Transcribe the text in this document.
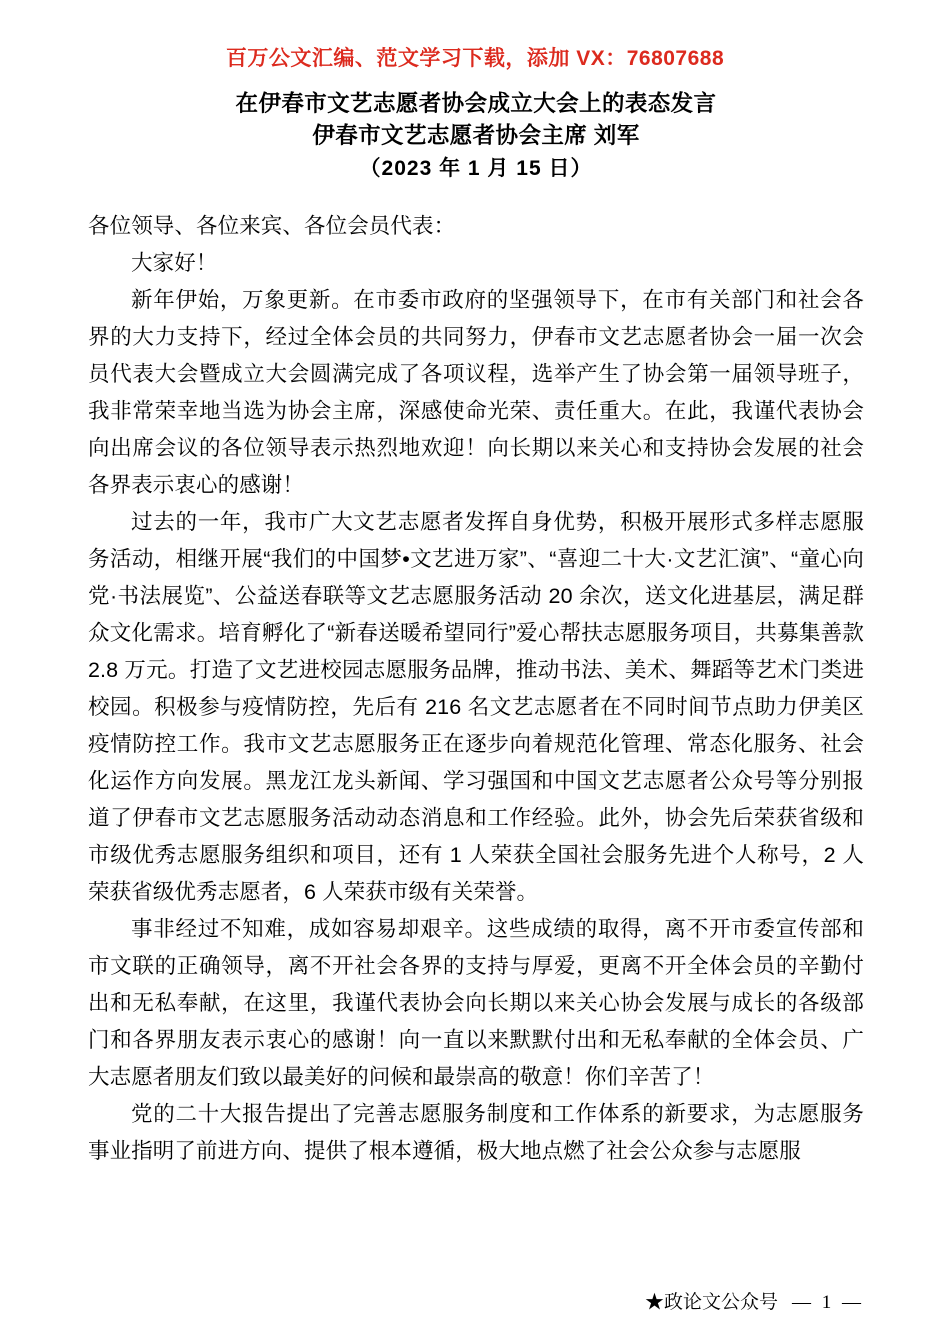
百万公文汇编、范文学习下载，添加 VX：76807688
在伊春市文艺志愿者协会成立大会上的表态发言
伊春市文艺志愿者协会主席 刘军
（2023 年 1 月 15 日）

各位领导、各位来宾、各位会员代表：

大家好！

新年伊始，万象更新。在市委市政府的坚强领导下，在市有关部门和社会各界的大力支持下，经过全体会员的共同努力，伊春市文艺志愿者协会一届一次会员代表大会暨成立大会圆满完成了各项议程，选举产生了协会第一届领导班子，我非常荣幸地当选为协会主席，深感使命光荣、责任重大。在此，我谨代表协会向出席会议的各位领导表示热烈地欢迎！向长期以来关心和支持协会发展的社会各界表示衷心的感谢！

过去的一年，我市广大文艺志愿者发挥自身优势，积极开展形式多样志愿服务活动，相继开展“我们的中国梦•文艺进万家”、“喜迎二十大·文艺汇演”、“童心向党·书法展览”、公益送春联等文艺志愿服务活动 20 余次，送文化进基层，满足群众文化需求。培育孵化了“新春送暖希望同行”爱心帮扶志愿服务项目，共募集善款 2.8 万元。打造了文艺进校园志愿服务品牌，推动书法、美术、舞蹈等艺术门类进校园。积极参与疫情防控，先后有 216 名文艺志愿者在不同时间节点助力伊美区疫情防控工作。我市文艺志愿服务正在逐步向着规范化管理、常态化服务、社会化运作方向发展。黑龙江龙头新闻、学习强国和中国文艺志愿者公众号等分别报道了伊春市文艺志愿服务活动动态消息和工作经验。此外，协会先后荣获省级和市级优秀志愿服务组织和项目，还有 1 人荣获全国社会服务先进个人称号，2 人荣获省级优秀志愿者，6 人荣获市级有关荣誉。

事非经过不知难，成如容易却艰辛。这些成绩的取得，离不开市委宣传部和市文联的正确领导，离不开社会各界的支持与厚爱，更离不开全体会员的辛勤付出和无私奉献，在这里，我谨代表协会向长期以来关心协会发展与成长的各级部门和各界朋友表示衷心的感谢！向一直以来默默付出和无私奉献的全体会员、广大志愿者朋友们致以最美好的问候和最崇高的敬意！你们辛苦了！

党的二十大报告提出了完善志愿服务制度和工作体系的新要求，为志愿服务事业指明了前进方向、提供了根本遵循，极大地点燃了社会公众参与志愿服

★政论文公众号 — 1 —
